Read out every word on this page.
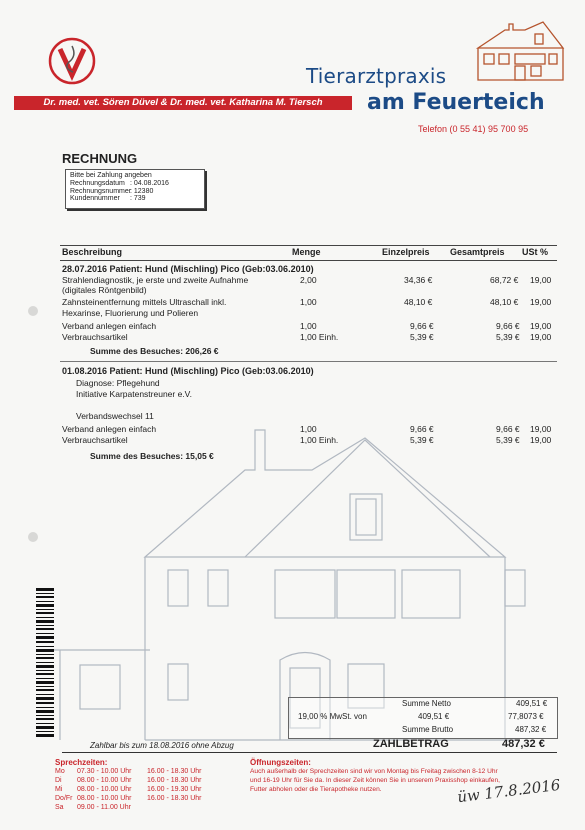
Dr. med. vet. Sören Düvel & Dr. med. vet. Katharina M. Tiersch
Tierarztpraxis
am Feuerteich
Telefon (0 55 41) 95 700 95
RECHNUNG
Bitte bei Zahlung angeben
Rechnungsdatum : 04.08.2016
Rechnungsnummer
: 12380
Kundennummer	: 739
Beschreibung	Menge	Einzelpreis Gesamtpreis USt %
28.07.2016 Patient: Hund (Mischling) Pico (Geb:03.06.2010)
Strahlendiagnostik, je erste und zweite Aufnahme
(digitales Röntgenbild)
2,00	34,36 €	68,72 € 19,00
Zahnsteinentfernung mittels Ultraschall inkl.
Hexarinse, Fluorierung und Polieren
1,00	48,10 €	48,10 € 19,00
Verband anlegen einfach	1,00	9,66 €	9,66 € 19,00
Verbrauchsartikel	1,00 Einh.	5,39 €	5,39 € 19,00
Summe des Besuches: 206,26 €
01.08.2016 Patient: Hund (Mischling) Pico (Geb:03.06.2010)
Diagnose: Pflegehund
Initiative Karpatenstreuner e.V.
Verbandswechsel 11
Verband anlegen einfach	1,00	9,66 €	9,66 € 19,00
Verbrauchsartikel	1,00 Einh.	5,39 €	5,39 € 19,00
Summe des Besuches: 15,05 €
Summe Netto	409,51 €
19,00 % MwSt. von	409,51 €	77,8073 €
Summe Brutto	487,32 €
Zahlbar bis zum 18.08.2016 ohne Abzug	ZAHLBETRAG	487,32 €
Sprechzeiten:
Mo	07.30 - 10.00 Uhr	16.00 - 18.30 Uhr
Di	08.00 - 10.00 Uhr	16.00 - 18.30 Uhr
Mi	08.00 - 10.00 Uhr	16.00 - 19.30 Uhr
Do/Fr 08.00 - 10.00 Uhr	16.00 - 18.30 Uhr
Sa	09.00 - 11.00 Uhr
Öffnungszeiten:
Auch außerhalb der Sprechzeiten sind wir von Montag bis Freitag zwischen 8-12 Uhr
und 16-19 Uhr für Sie da. In dieser Zeit können Sie in unserem Praxisshop einkaufen,
Futter abholen oder die Tierapotheke nutzen.	üw 17.8.2016
